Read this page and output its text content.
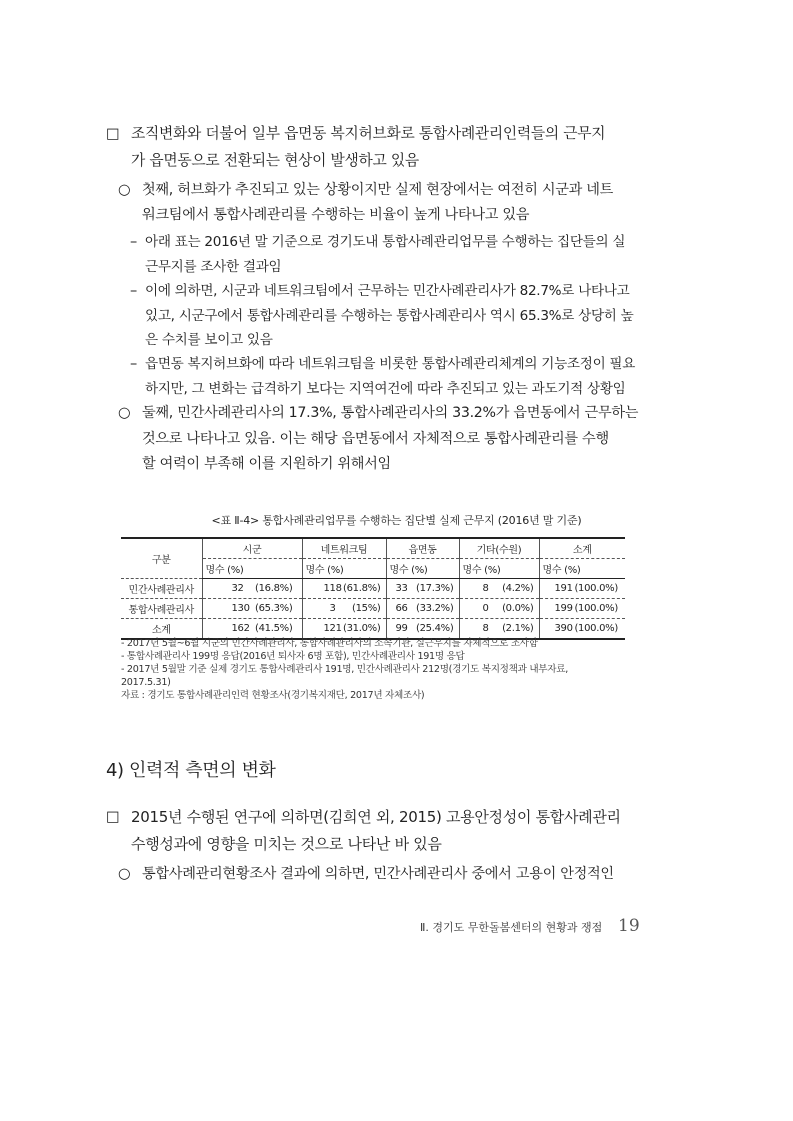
□ 조직변화와 더불어 일부 읍면동 복지허브화로 통합사례관리인력들의 근무지
가 읍면동으로 전환되는 현상이 발생하고 있음
○ 첫째, 허브화가 추진되고 있는 상황이지만 실제 현장에서는 여전히 시군과 네트
워크팀에서 통합사례관리를 수행하는 비율이 높게 나타나고 있음
– 아래 표는 2016년 말 기준으로 경기도내 통합사례관리업무를 수행하는 집단들의 실
근무지를 조사한 결과임
– 이에 의하면, 시군과 네트워크팀에서 근무하는 민간사례관리사가 82.7%로 나타나고
있고, 시군구에서 통합사례관리를 수행하는 통합사례관리사 역시 65.3%로 상당히 높
은 수치를 보이고 있음
– 읍면동 복지허브화에 따라 네트워크팀을 비롯한 통합사례관리체계의 기능조정이 필요
하지만, 그 변화는 급격하기 보다는 지역여건에 따라 추진되고 있는 과도기적 상황임
○ 둘째, 민간사례관리사의 17.3%, 통합사례관리사의 33.2%가 읍면동에서 근무하는
것으로 나타나고 있음. 이는 해당 읍면동에서 자체적으로 통합사례관리를 수행
할 여력이 부족해 이를 지원하기 위해서임
<표 Ⅱ-4> 통합사례관리업무를 수행하는 집단별 실제 근무지 (2016년 말 기준)
구분	시군	네트워크팀	읍면동	기타(수원)	소계
	명수 (%)	명수 (%)	명수 (%)	명수 (%)	명수 (%)
민간사례관리사	32 (16.8%)	118 (61.8%)	33 (17.3%)	8 (4.2%)	191 (100.0%)

통합사례관리사	130 (65.3%)	3 (15%)	66 (33.2%)	0 (0.0%)	199 (100.0%)

소계	162 (41.5%)	121 (31.0%)	99 (25.4%)	8 (2.1%)	390 (100.0%)
- 2017년 5월~6월 시군의 민간사례관리사, 통합사례관리사의 소속기관, 실근무지를 자체적으로 조사함
- 통합사례관리사 199명 응답(2016년 퇴사자 6명 포함), 민간사례관리사 191명 응답
- 2017년 5월말 기준 실제 경기도 통합사례관리사 191명, 민간사례관리사 212명(경기도 복지정책과 내부자료,
2017.5.31)
자료 : 경기도 통합사례관리인력 현황조사(경기복지재단, 2017년 자체조사)
4) 인력적 측면의 변화
□ 2015년 수행된 연구에 의하면(김희연 외, 2015) 고용안정성이 통합사례관리
수행성과에 영향을 미치는 것으로 나타난 바 있음
○ 통합사례관리현황조사 결과에 의하면, 민간사례관리사 중에서 고용이 안정적인
Ⅱ. 경기도 무한돌봄센터의 현황과 쟁점 19
